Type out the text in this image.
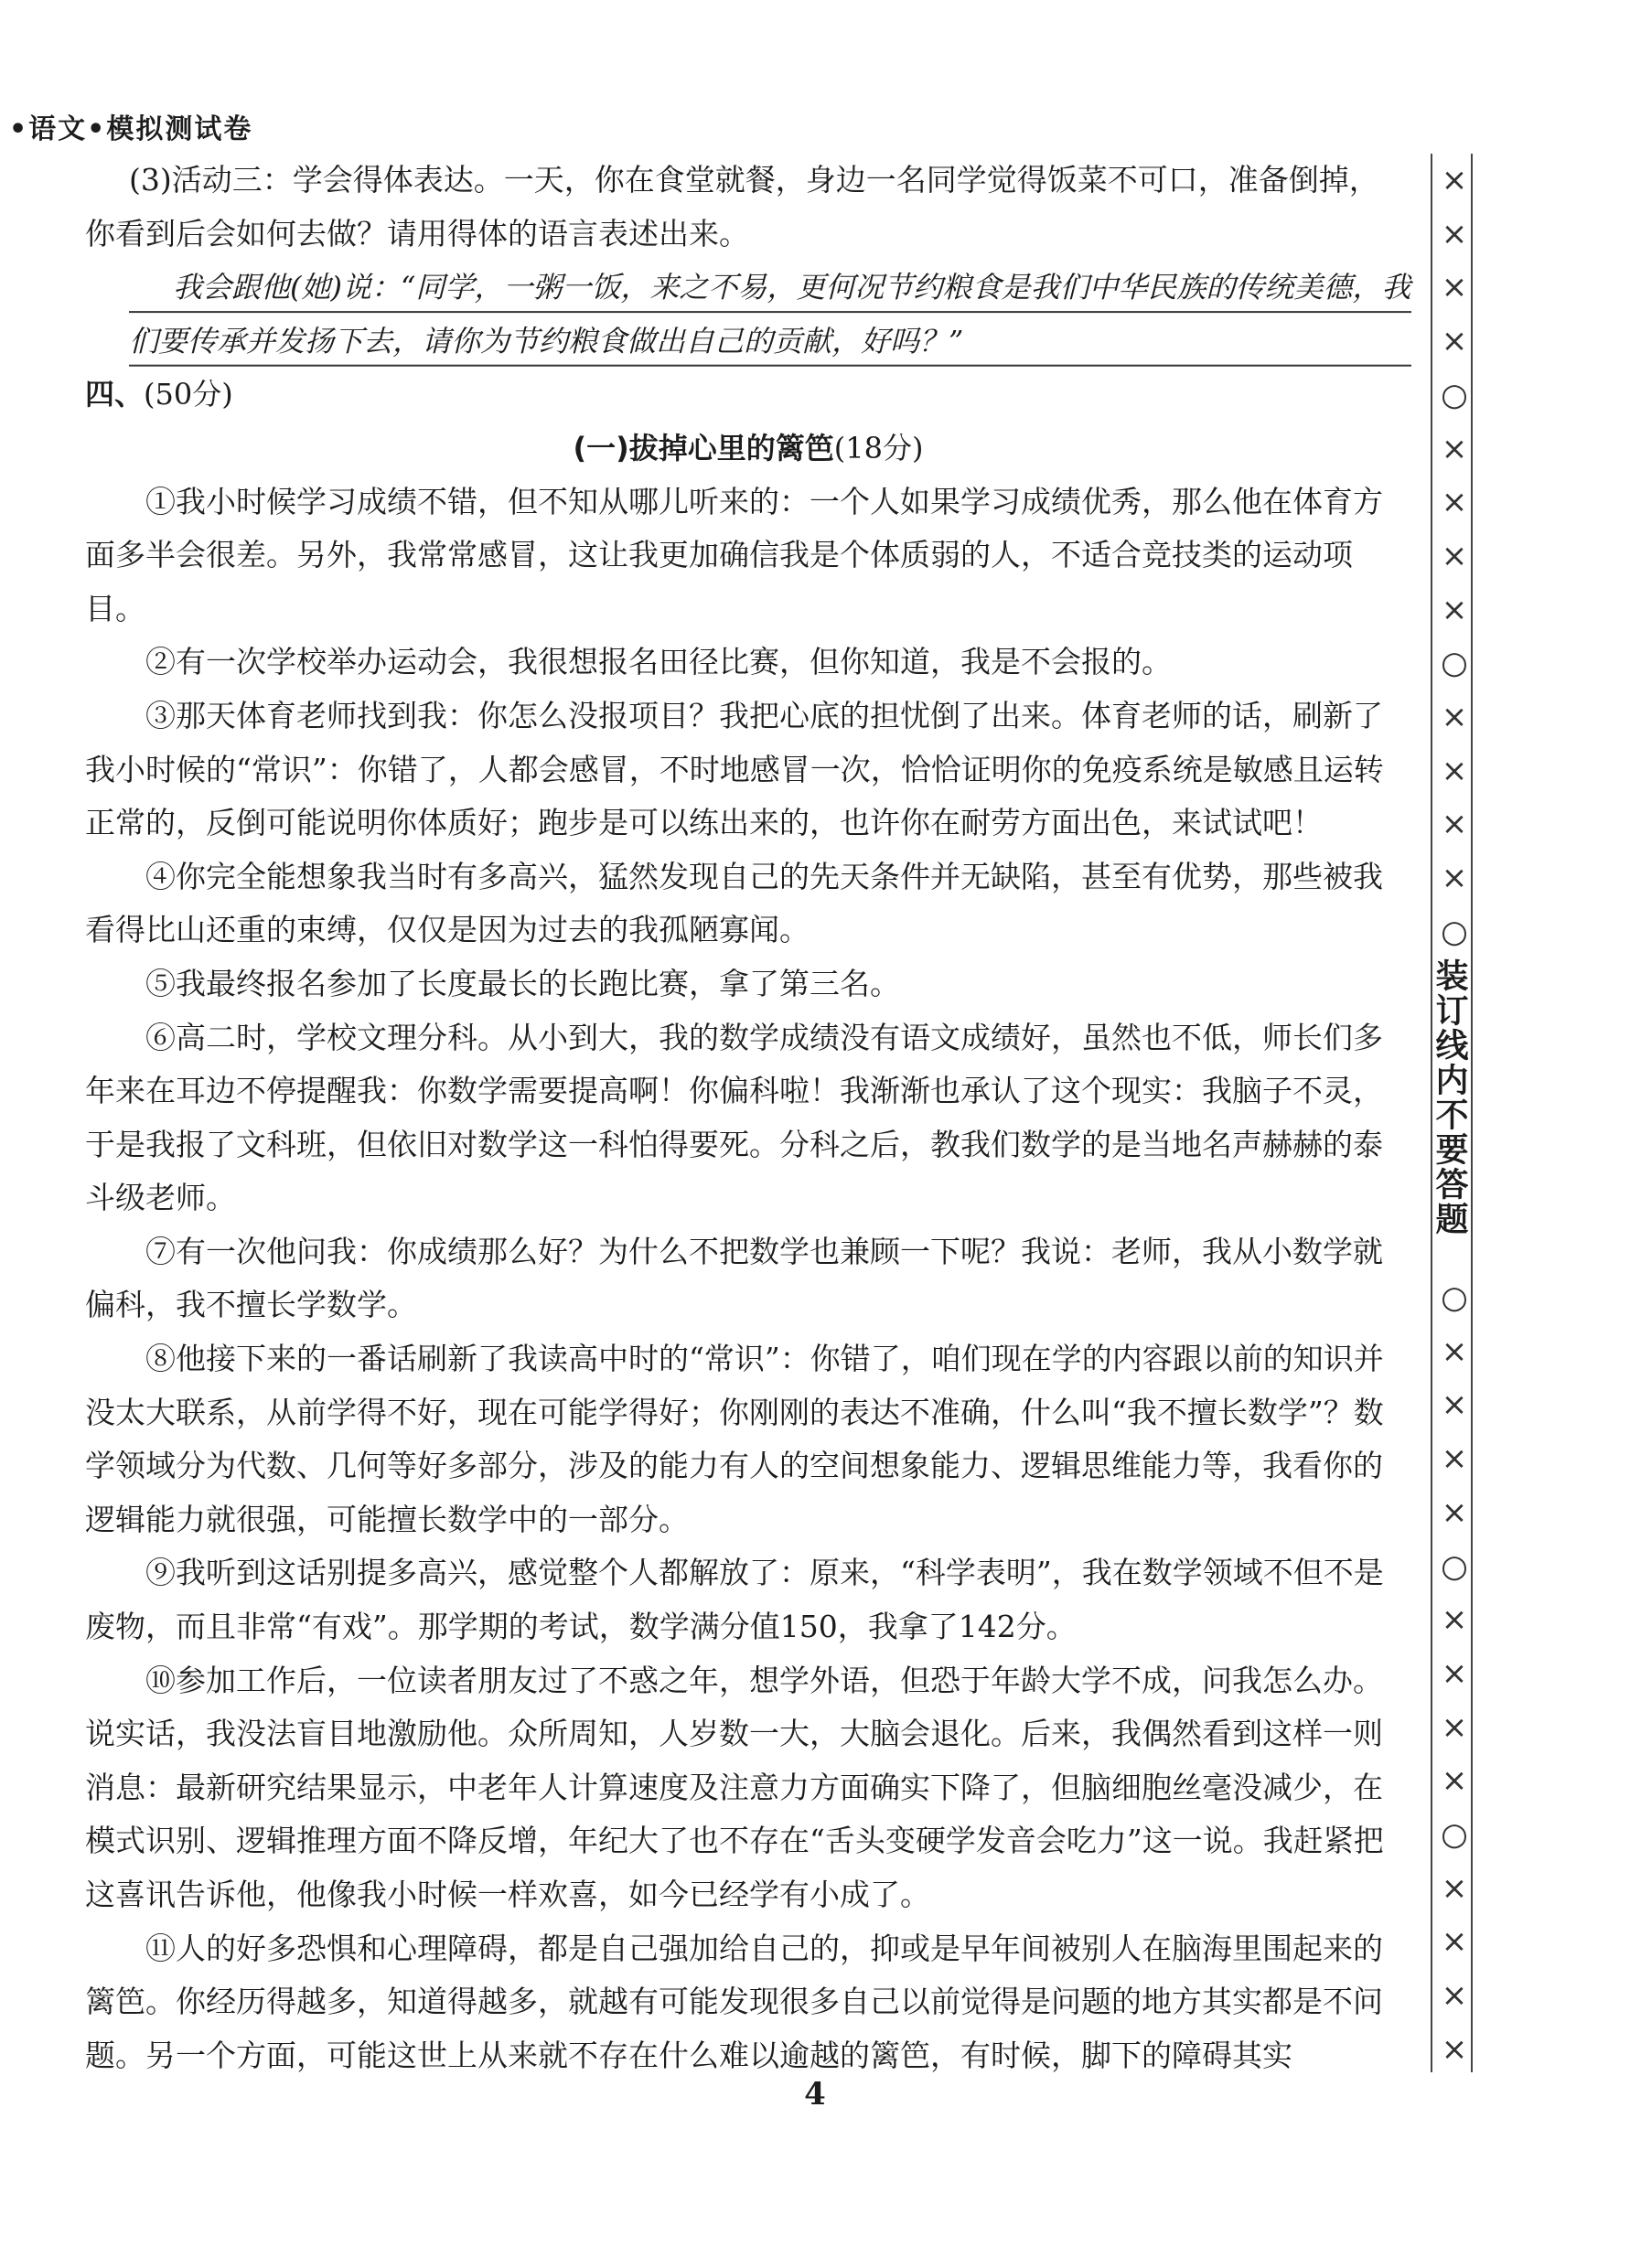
•语文•模拟测试卷

(3)活动三：学会得体表达。一天，你在食堂就餐，身边一名同学觉得饭菜不可口，准备倒掉，

你看到后会如何去做？请用得体的语言表述出来。

我会跟他(她)说：“同学，一粥一饭，来之不易，更何况节约粮食是我们中华民族的传统美德，我们要传承并发扬下去，请你为节约粮食做出自己的贡献，好吗？”

四、(50分)

(一)拔掉心里的篱笆(18分)

①我小时候学习成绩不错，但不知从哪儿听来的：一个人如果学习成绩优秀，那么他在体育方面多半会很差。另外，我常常感冒，这让我更加确信我是个体质弱的人，不适合竞技类的运动项目。

②有一次学校举办运动会，我很想报名田径比赛，但你知道，我是不会报的。

③那天体育老师找到我：你怎么没报项目？我把心底的担忧倒了出来。体育老师的话，刷新了我小时候的“常识”：你错了，人都会感冒，不时地感冒一次，恰恰证明你的免疫系统是敏感且运转正常的，反倒可能说明你体质好；跑步是可以练出来的，也许你在耐劳方面出色，来试试吧！

④你完全能想象我当时有多高兴，猛然发现自己的先天条件并无缺陷，甚至有优势，那些被我看得比山还重的束缚，仅仅是因为过去的我孤陋寡闻。

⑤我最终报名参加了长度最长的长跑比赛，拿了第三名。

⑥高二时，学校文理分科。从小到大，我的数学成绩没有语文成绩好，虽然也不低，师长们多年来在耳边不停提醒我：你数学需要提高啊！你偏科啦！我渐渐也承认了这个现实：我脑子不灵，于是我报了文科班，但依旧对数学这一科怕得要死。分科之后，教我们数学的是当地名声赫赫的泰斗级老师。

⑦有一次他问我：你成绩那么好？为什么不把数学也兼顾一下呢？我说：老师，我从小数学就偏科，我不擅长学数学。

⑧他接下来的一番话刷新了我读高中时的“常识”：你错了，咱们现在学的内容跟以前的知识并没太大联系，从前学得不好，现在可能学得好；你刚刚的表达不准确，什么叫“我不擅长数学”？数学领域分为代数、几何等好多部分，涉及的能力有人的空间想象能力、逻辑思维能力等，我看你的逻辑能力就很强，可能擅长数学中的一部分。

⑨我听到这话别提多高兴，感觉整个人都解放了：原来，“科学表明”，我在数学领域不但不是废物，而且非常“有戏”。那学期的考试，数学满分值150，我拿了142分。

⑩参加工作后，一位读者朋友过了不惑之年，想学外语，但恐于年龄大学不成，问我怎么办。说实话，我没法盲目地激励他。众所周知，人岁数一大，大脑会退化。后来，我偶然看到这样一则消息：最新研究结果显示，中老年人计算速度及注意力方面确实下降了，但脑细胞丝毫没减少，在模式识别、逻辑推理方面不降反增，年纪大了也不存在“舌头变硬学发音会吃力”这一说。我赶紧把这喜讯告诉他，他像我小时候一样欢喜，如今已经学有小成了。

⑪人的好多恐惧和心理障碍，都是自己强加给自己的，抑或是早年间被别人在脑海里围起来的篱笆。你经历得越多，知道得越多，就越有可能发现很多自己以前觉得是问题的地方其实都是不问题。另一个方面，可能这世上从来就不存在什么难以逾越的篱笆，有时候，脚下的障碍其实

×
×
×
×
○
×
×
×
×
○
×
×
×
×
○
装订线内不要答题
○
×
×
×
×
○
×
×
×
×
○
×
×
×
×
4
